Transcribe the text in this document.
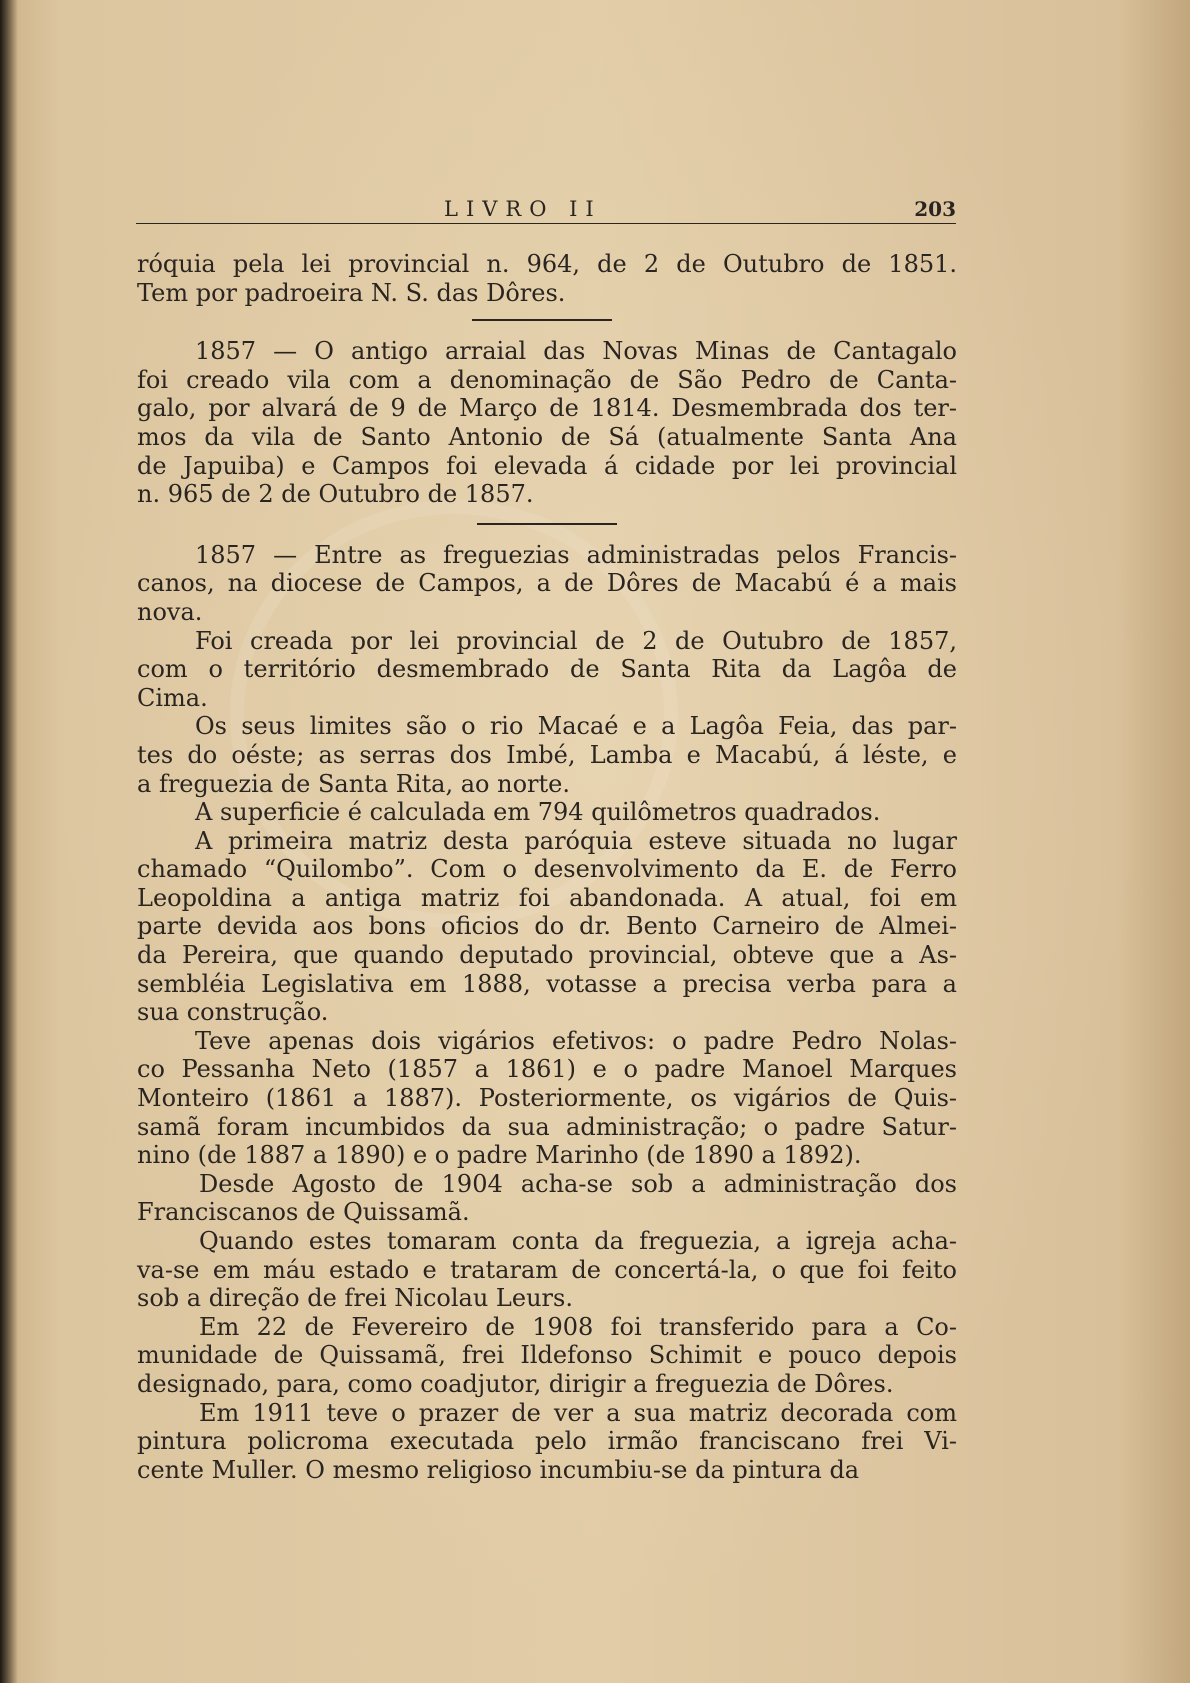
LIVRO II	203

róquia pela lei provincial n. 964, de 2 de Outubro de 1851.
Tem por padroeira N. S. das Dôres.

1857 — O antigo arraial das Novas Minas de Cantagalo
foi creado vila com a denominação de São Pedro de Canta-
galo, por alvará de 9 de Março de 1814. Desmembrada dos ter-
mos da vila de Santo Antonio de Sá (atualmente Santa Ana
de Japuiba) e Campos foi elevada á cidade por lei provincial
n. 965 de 2 de Outubro de 1857.

1857 — Entre as freguezias administradas pelos Francis-
canos, na diocese de Campos, a de Dôres de Macabú é a mais
nova.

Foi creada por lei provincial de 2 de Outubro de 1857,
com o território desmembrado de Santa Rita da Lagôa de
Cima.

Os seus limites são o rio Macaé e a Lagôa Feia, das par-
tes do oéste; as serras dos Imbé, Lamba e Macabú, á léste, e
a freguezia de Santa Rita, ao norte.

A superficie é calculada em 794 quilômetros quadrados.

A primeira matriz desta paróquia esteve situada no lugar
chamado “Quilombo”. Com o desenvolvimento da E. de Ferro
Leopoldina a antiga matriz foi abandonada. A atual, foi em
parte devida aos bons oficios do dr. Bento Carneiro de Almei-
da Pereira, que quando deputado provincial, obteve que a As-
sembléia Legislativa em 1888, votasse a precisa verba para a
sua construção.

Teve apenas dois vigários efetivos: o padre Pedro Nolas-
co Pessanha Neto (1857 a 1861) e o padre Manoel Marques
Monteiro (1861 a 1887). Posteriormente, os vigários de Quis-
samã foram incumbidos da sua administração; o padre Satur-
nino (de 1887 a 1890) e o padre Marinho (de 1890 a 1892).

Desde Agosto de 1904 acha-se sob a administração dos
Franciscanos de Quissamã.

Quando estes tomaram conta da freguezia, a igreja acha-
va-se em máu estado e trataram de concertá-la, o que foi feito
sob a direção de frei Nicolau Leurs.

Em 22 de Fevereiro de 1908 foi transferido para a Co-
munidade de Quissamã, frei Ildefonso Schimit e pouco depois
designado, para, como coadjutor, dirigir a freguezia de Dôres.

Em 1911 teve o prazer de ver a sua matriz decorada com
pintura policroma executada pelo irmão franciscano frei Vi-
cente Muller. O mesmo religioso incumbiu-se da pintura da
